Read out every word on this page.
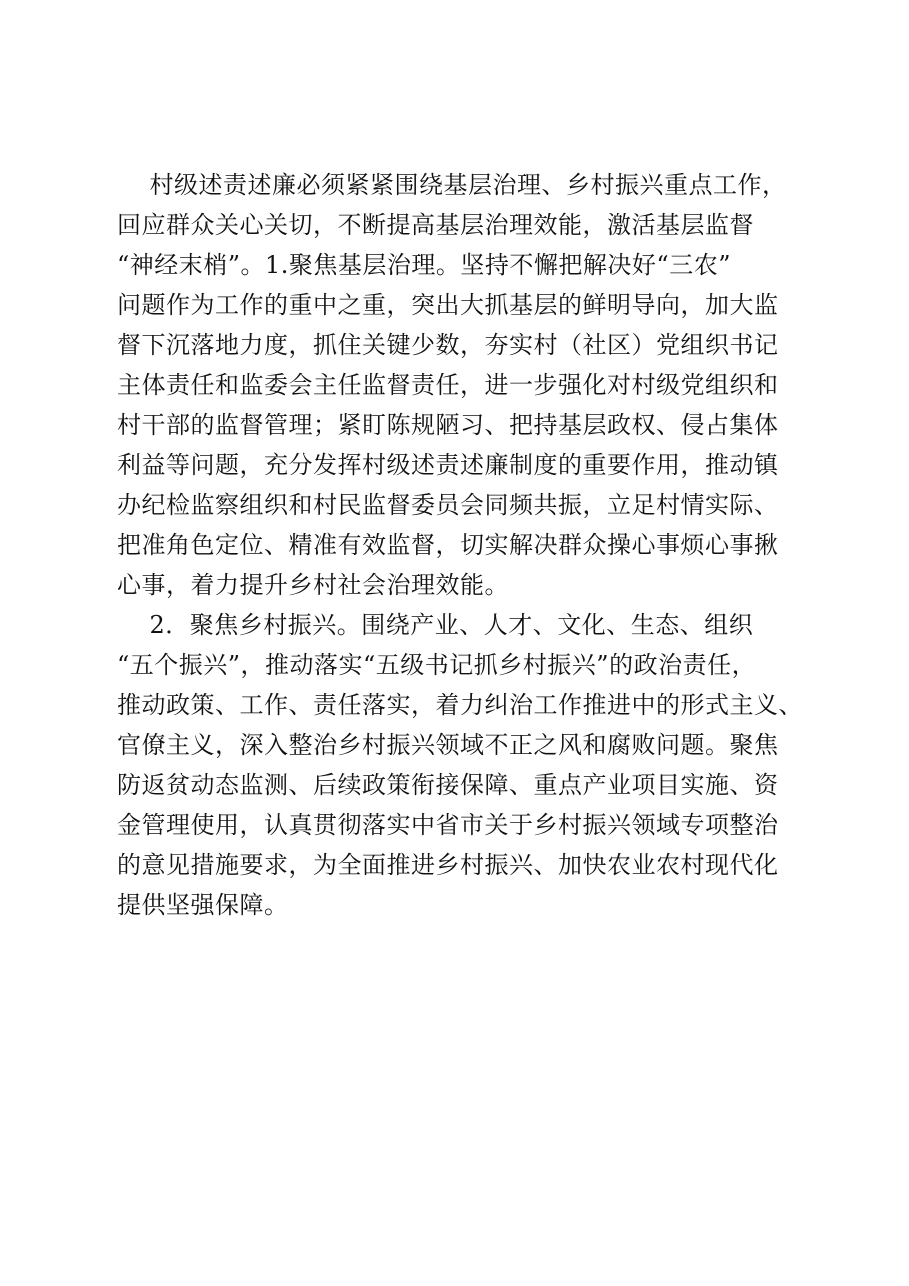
村级述责述廉必须紧紧围绕基层治理、乡村振兴重点工作，
回应群众关心关切，不断提高基层治理效能，激活基层监督
“神经末梢”。1.聚焦基层治理。坚持不懈把解决好“三农”
问题作为工作的重中之重，突出大抓基层的鲜明导向，加大监
督下沉落地力度，抓住关键少数，夯实村（社区）党组织书记
主体责任和监委会主任监督责任，进一步强化对村级党组织和
村干部的监督管理；紧盯陈规陋习、把持基层政权、侵占集体
利益等问题，充分发挥村级述责述廉制度的重要作用，推动镇
办纪检监察组织和村民监督委员会同频共振，立足村情实际、
把准角色定位、精准有效监督，切实解决群众操心事烦心事揪
心事，着力提升乡村社会治理效能。
2．聚焦乡村振兴。围绕产业、人才、文化、生态、组织
“五个振兴”，推动落实“五级书记抓乡村振兴”的政治责任，
推动政策、工作、责任落实，着力纠治工作推进中的形式主义、
官僚主义，深入整治乡村振兴领域不正之风和腐败问题。聚焦
防返贫动态监测、后续政策衔接保障、重点产业项目实施、资
金管理使用，认真贯彻落实中省市关于乡村振兴领域专项整治
的意见措施要求，为全面推进乡村振兴、加快农业农村现代化
提供坚强保障。
